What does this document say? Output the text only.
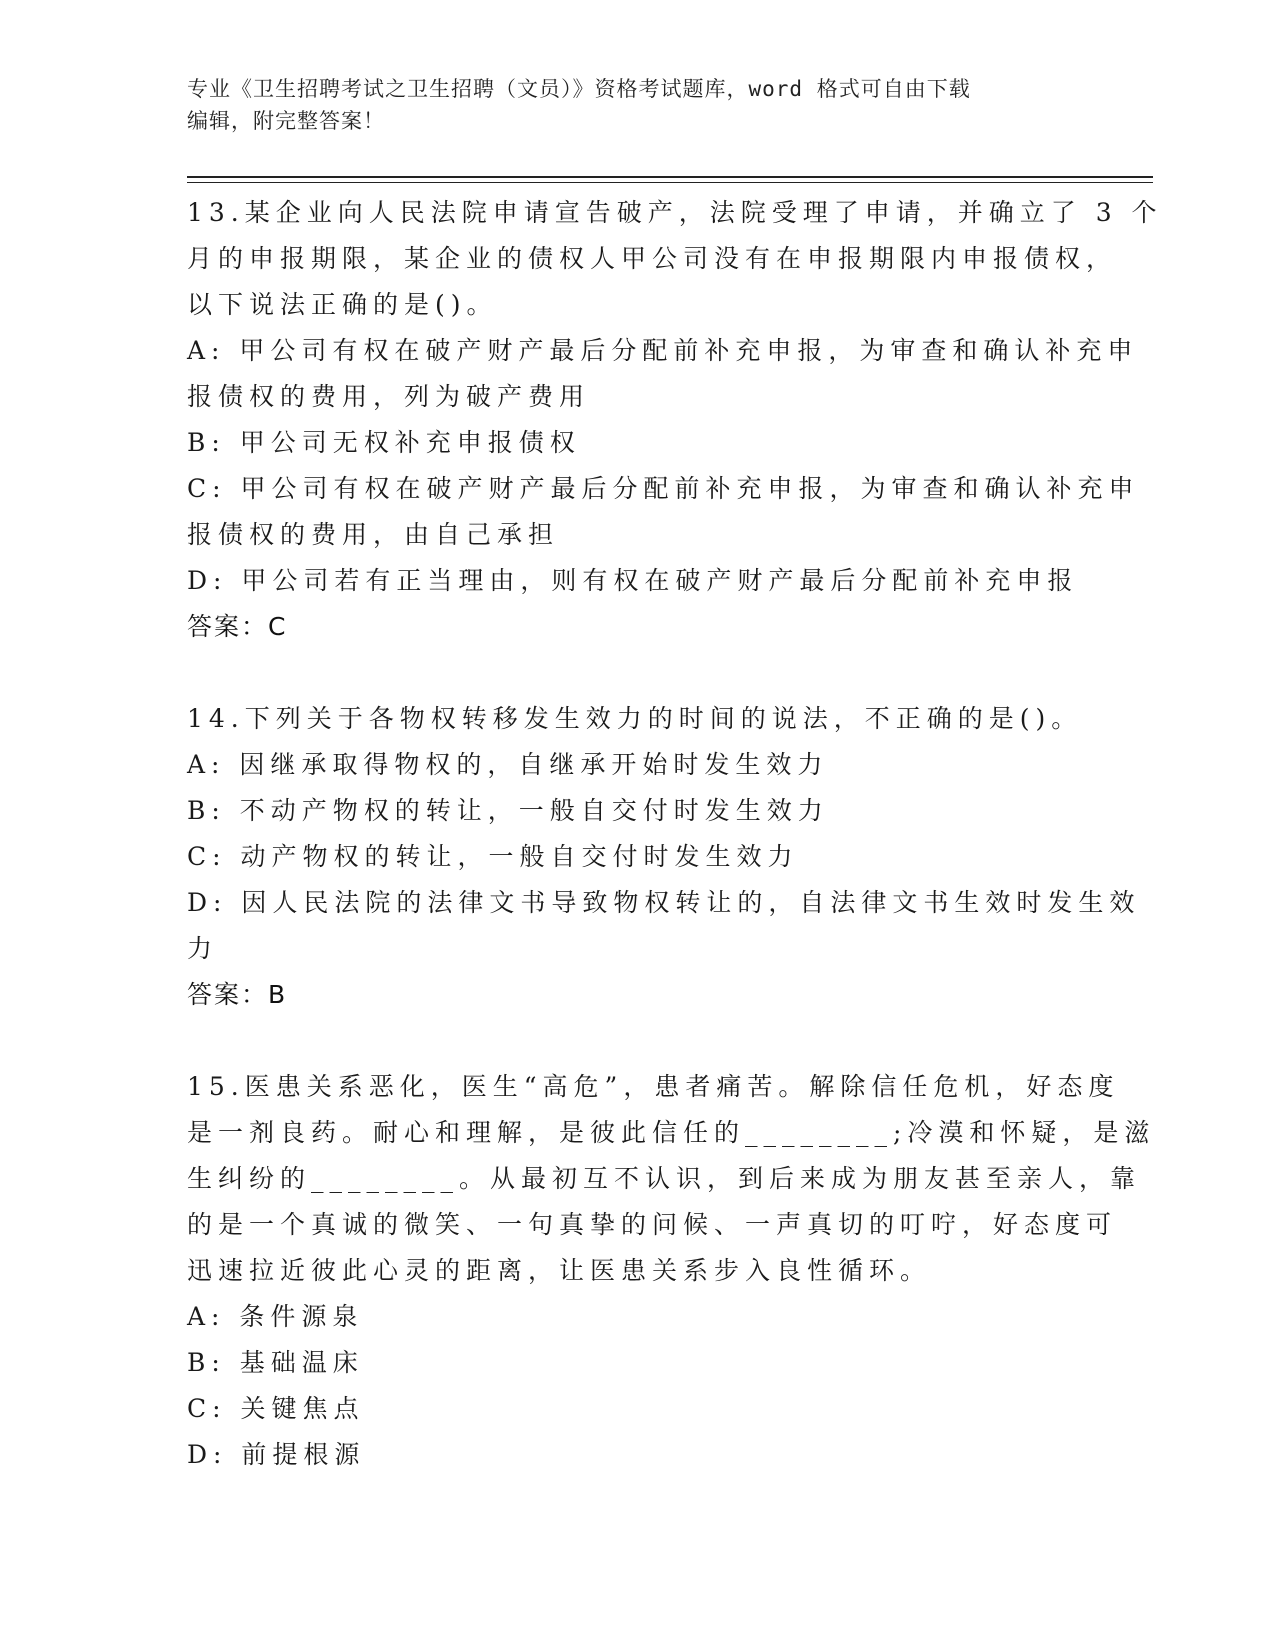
专业《卫生招聘考试之卫生招聘（文员）》资格考试题库，word 格式可自由下载
编辑，附完整答案！
13.某企业向人民法院申请宣告破产，法院受理了申请，并确立了 3 个
月的申报期限，某企业的债权人甲公司没有在申报期限内申报债权，
以下说法正确的是()。
A: 甲公司有权在破产财产最后分配前补充申报，为审查和确认补充申
报债权的费用，列为破产费用
B: 甲公司无权补充申报债权
C: 甲公司有权在破产财产最后分配前补充申报，为审查和确认补充申
报债权的费用，由自己承担
D: 甲公司若有正当理由，则有权在破产财产最后分配前补充申报
答案：C
14.下列关于各物权转移发生效力的时间的说法，不正确的是()。
A: 因继承取得物权的，自继承开始时发生效力
B: 不动产物权的转让，一般自交付时发生效力
C: 动产物权的转让，一般自交付时发生效力
D: 因人民法院的法律文书导致物权转让的，自法律文书生效时发生效
力
答案：B
15.医患关系恶化，医生“高危”，患者痛苦。解除信任危机，好态度
是一剂良药。耐心和理解，是彼此信任的________;冷漠和怀疑，是滋
生纠纷的________。从最初互不认识，到后来成为朋友甚至亲人，靠
的是一个真诚的微笑、一句真挚的问候、一声真切的叮咛，好态度可
迅速拉近彼此心灵的距离，让医患关系步入良性循环。
A: 条件源泉
B: 基础温床
C: 关键焦点
D: 前提根源
